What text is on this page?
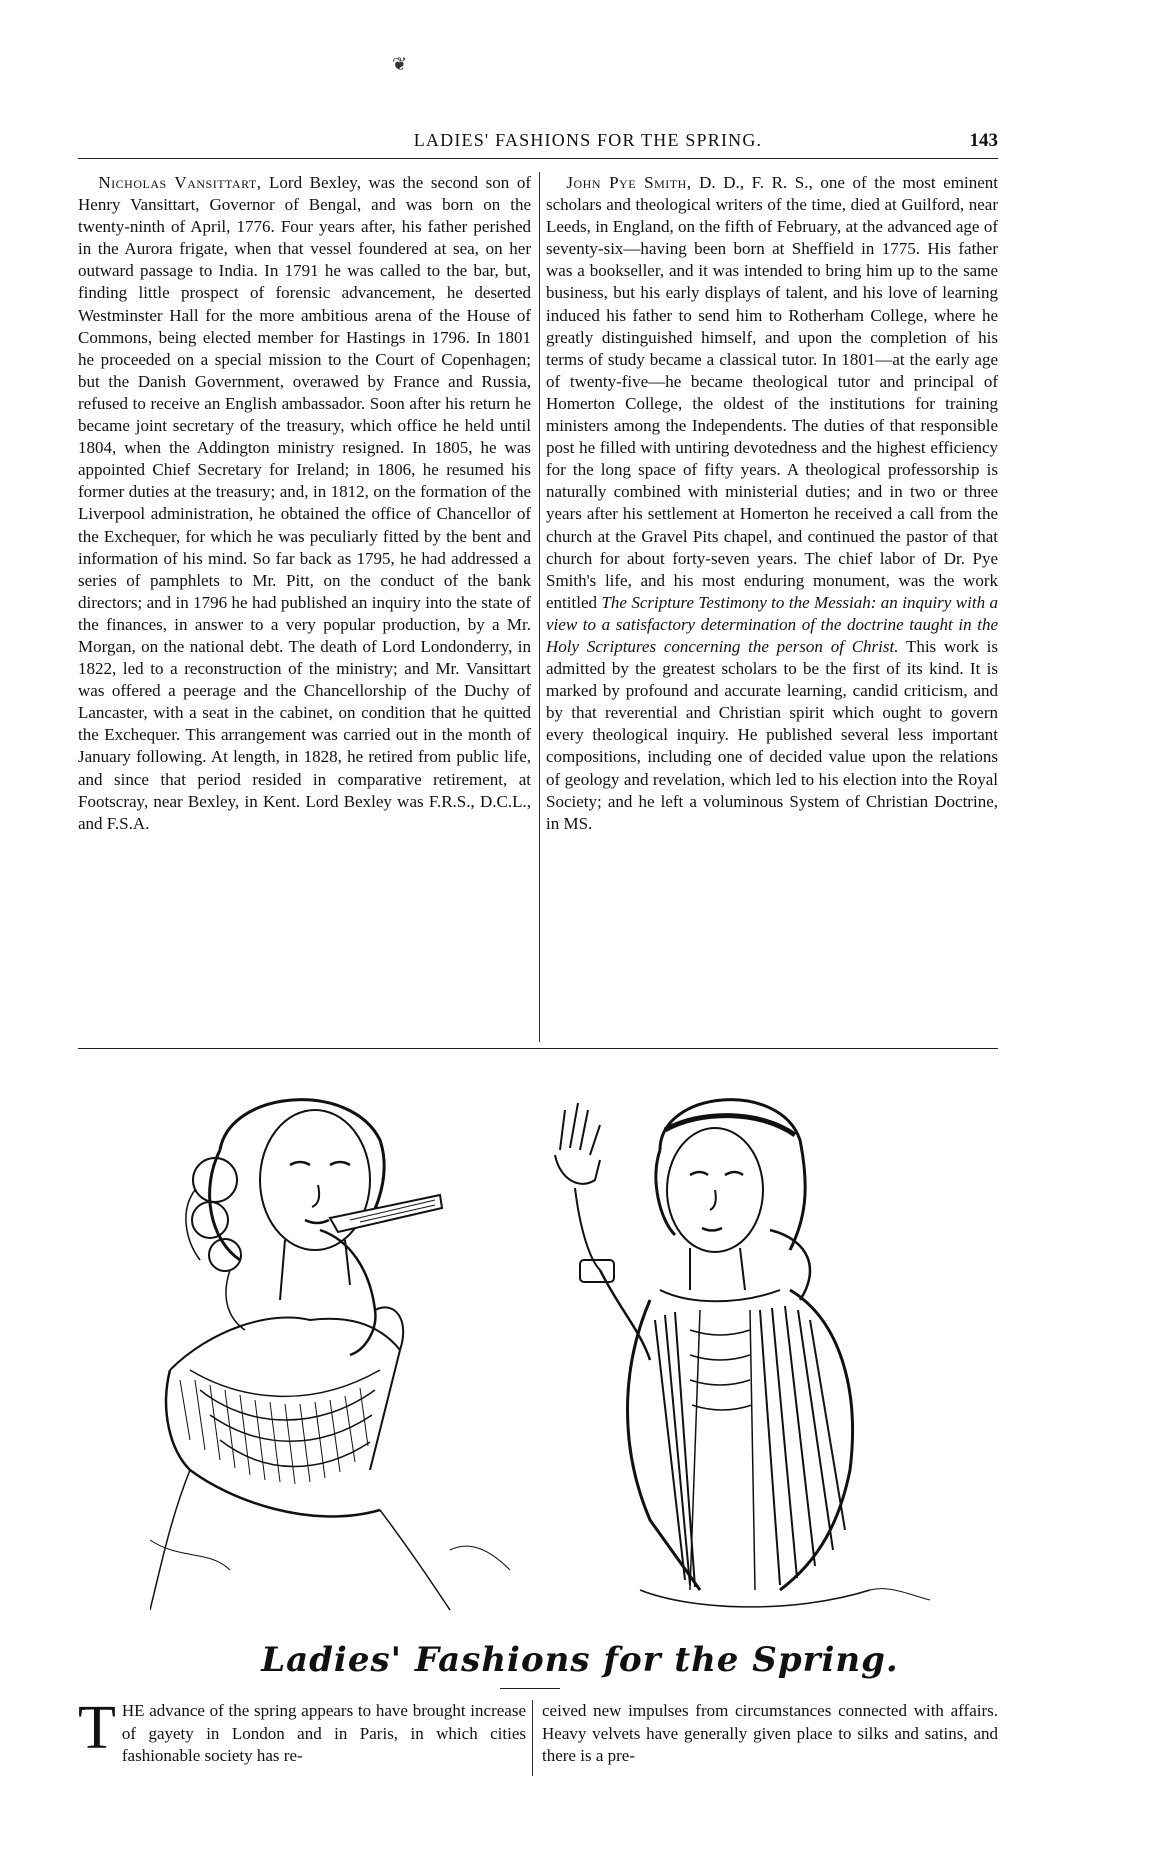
❦
LADIES' FASHIONS FOR THE SPRING.	143

Nicholas Vansittart, Lord Bexley, was the second son of Henry Vansittart, Governor of Bengal, and was born on the twenty-ninth of April, 1776. Four years after, his father perished in the Aurora frigate, when that vessel foundered at sea, on her outward passage to India. In 1791 he was called to the bar, but, finding little prospect of forensic advancement, he deserted Westminster Hall for the more ambitious arena of the House of Commons, being elected member for Hastings in 1796. In 1801 he proceeded on a special mission to the Court of Copenhagen; but the Danish Government, overawed by France and Russia, refused to receive an English ambassador. Soon after his return he became joint secretary of the treasury, which office he held until 1804, when the Addington ministry resigned. In 1805, he was appointed Chief Secretary for Ireland; in 1806, he resumed his former duties at the treasury; and, in 1812, on the formation of the Liverpool administration, he obtained the office of Chancellor of the Exchequer, for which he was peculiarly fitted by the bent and information of his mind. So far back as 1795, he had addressed a series of pamphlets to Mr. Pitt, on the conduct of the bank directors; and in 1796 he had published an inquiry into the state of the finances, in answer to a very popular production, by a Mr. Morgan, on the national debt. The death of Lord Londonderry, in 1822, led to a reconstruction of the ministry; and Mr. Vansittart was offered a peerage and the Chancellorship of the Duchy of Lancaster, with a seat in the cabinet, on condition that he quitted the Exchequer. This arrangement was carried out in the month of January following. At length, in 1828, he retired from public life, and since that period resided in comparative retirement, at Footscray, near Bexley, in Kent. Lord Bexley was F.R.S., D.C.L., and F.S.A.

John Pye Smith, D. D., F. R. S., one of the most eminent scholars and theological writers of the time, died at Guilford, near Leeds, in England, on the fifth of February, at the advanced age of seventy-six—having been born at Sheffield in 1775. His father was a bookseller, and it was intended to bring him up to the same business, but his early displays of talent, and his love of learning induced his father to send him to Rotherham College, where he greatly distinguished himself, and upon the completion of his terms of study became a classical tutor. In 1801—at the early age of twenty-five—he became theological tutor and principal of Homerton College, the oldest of the institutions for training ministers among the Independents. The duties of that responsible post he filled with untiring devotedness and the highest efficiency for the long space of fifty years. A theological professorship is naturally combined with ministerial duties; and in two or three years after his settlement at Homerton he received a call from the church at the Gravel Pits chapel, and continued the pastor of that church for about forty-seven years. The chief labor of Dr. Pye Smith's life, and his most enduring monument, was the work entitled The Scripture Testimony to the Messiah: an inquiry with a view to a satisfactory determination of the doctrine taught in the Holy Scriptures concerning the person of Christ. This work is admitted by the greatest scholars to be the first of its kind. It is marked by profound and accurate learning, candid criticism, and by that reverential and Christian spirit which ought to govern every theological inquiry. He published several less important compositions, including one of decided value upon the relations of geology and revelation, which led to his election into the Royal Society; and he left a voluminous System of Christian Doctrine, in MS.

Ladies' Fashions for the Spring.

THE advance of the spring appears to have brought increase of gayety in London and in Paris, in which cities fashionable society has re-

ceived new impulses from circumstances connected with affairs. Heavy velvets have generally given place to silks and satins, and there is a pre-
